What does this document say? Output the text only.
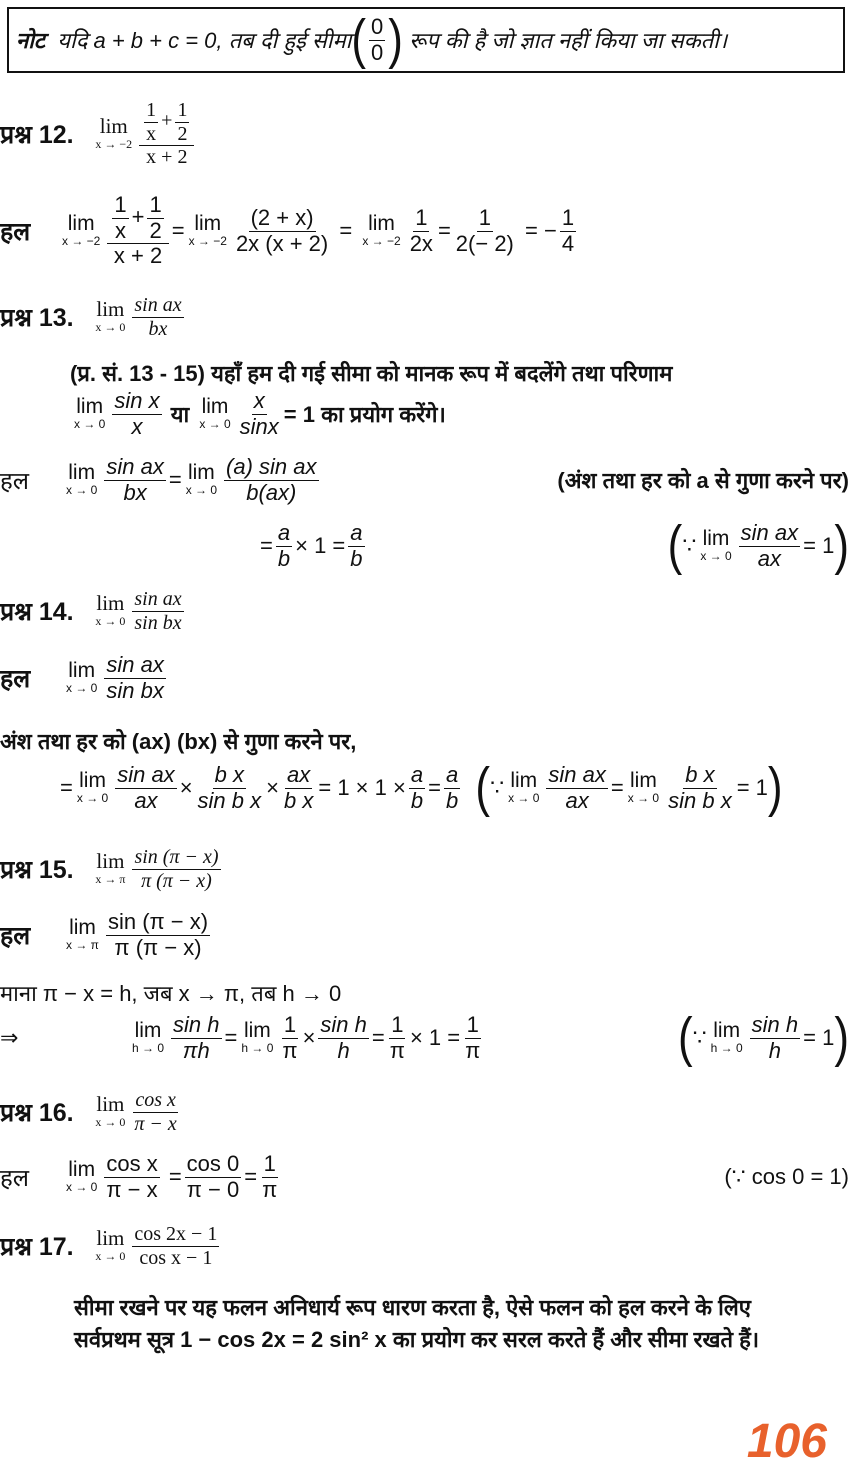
नोट
यदि a + b + c = 0, तब दी हुई सीमा ( $\frac{0}{0}$ )
रूप की है जो ज्ञात नहीं किया जा सकती।
प्रश्न 12.
lim
$x \to -2 \frac{\frac{1}{x} + \frac{1}{2}}{x + 2}$
हल	lim
$x \to -2 \frac{\frac{1}{x} + \frac{1}{2}}{x + 2} = \lim$
$x \to -2 \frac{(2 + x)}{2x (x + 2)} = \lim$
$x \to -2 \frac{1}{2x} = \frac{1}{2(- 2)}$ = − $\frac{1}{4}$
प्रश्न 13.
lim
$x \to 0 \frac{\text{sin ax}}{bx}$
(प्र. सं. 13 - 15) यहाँ हम दी गई सीमा को मानक रूप में बदलेंगे तथा परिणाम
lim
$x \to 0 \frac{\text{sin x}}{x}$
या
lim
$x \to 0 \frac{x}{\sin x} = 1$ का प्रयोग करेंगे।
हल	lim
$x \to 0 \frac{\text{sin ax}}{bx} = \lim$
$x \to 0 \frac{\text{(a) sin ax}}{b(ax)}$	(अंश तथा हर को a से गुणा करने पर)
= $\frac{a}{b} \times 1 = \frac{a}{b}$	( ∵ lim
$x \to 0 \frac{\text{sin ax}}{ax} = 1$ )
प्रश्न 14.
lim
$x \to 0 \frac{\text{sin ax}}{\text{sin bx}}$
हल	lim
$x \to 0 \frac{\text{sin ax}}{\text{sin bx}}$
अंश तथा हर को (ax) (bx) से गुणा करने पर,
= lim
$x \to 0 \frac{\text{sin ax}}{ax} \times \frac{\text{b x}}{\text{sin b x}} \times \frac{ax}{\text{b x}} = 1 \times 1 \times \frac{a}{b} = \frac{a}{b}$
( ∵ lim
$x \to 0 \frac{\text{sin ax}}{ax} = \lim$
$x \to 0 \frac{\text{b x}}{\text{sin b x}} = 1$ )
प्रश्न 15.
lim
x → π $\frac{\sin (\pi - x)}{\pi (\pi - x)}$
हल	lim
x → π $\frac{\sin (\pi - x)}{\pi (\pi - x)}$
माना π − x = h, जब x → π, तब h → 0
⇒	lim
$h \to 0 \frac{\text{sin h}}{\pi h} = \lim$
$h \to 0 \frac{1}{\pi} \times \frac{\text{sin h}}{h} = \frac{1}{\pi} \times 1 = \frac{1}{\pi}$	( ∵ lim
$h \to 0 \frac{\text{sin h}}{h} = 1$ )
प्रश्न 16.
lim
$x \to 0 \frac{\text{cos x}}{\pi - x}$
हल	lim
$x \to 0 \frac{\text{cos x}}{\pi - x} = \frac{\cos 0}{\pi - 0} = \frac{1}{\pi}$	(∵ cos 0 = 1)
प्रश्न 17.
lim
$x \to 0 \frac{\cos 2x - 1}{\text{cos x − 1}}$
सीमा रखने पर यह फलन अनिधार्य रूप धारण करता है, ऐसे फलन को हल करने के लिए
सर्वप्रथम सूत्र 1 − cos 2x = 2 sin² x का प्रयोग कर सरल करते हैं और सीमा रखते हैं।
106
